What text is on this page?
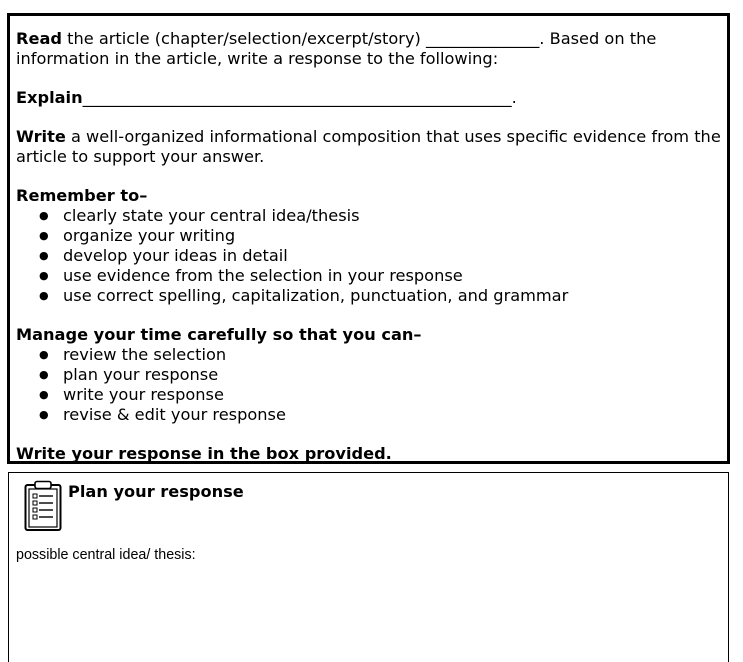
Read the article (chapter/selection/excerpt/story) ______________. Based on the information in the article, write a response to the following:

Explain_____________________________________________________.

Write a well-organized informational composition that uses specific evidence from the article to support your answer.

Remember to–

● clearly state your central idea/thesis
● organize your writing
● develop your ideas in detail
● use evidence from the selection in your response
● use correct spelling, capitalization, punctuation, and grammar

Manage your time carefully so that you can–

● review the selection
● plan your response
● write your response
● revise & edit your response

Write your response in the box provided.

Plan your response
possible central idea/ thesis:
